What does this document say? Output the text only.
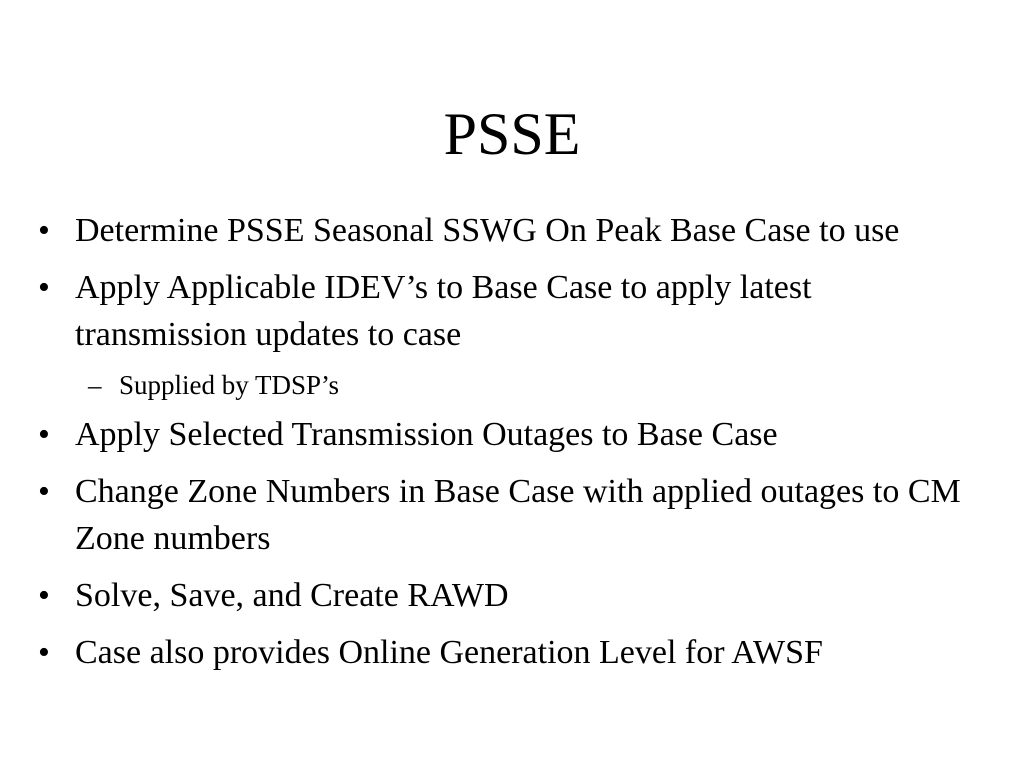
PSSE
• Determine PSSE Seasonal SSWG On Peak Base Case to use
• Apply Applicable IDEV’s to Base Case to apply latest transmission updates to case
– Supplied by TDSP’s
• Apply Selected Transmission Outages to Base Case
• Change Zone Numbers in Base Case with applied outages to CM Zone numbers
• Solve, Save, and Create RAWD
• Case also provides Online Generation Level for AWSF
